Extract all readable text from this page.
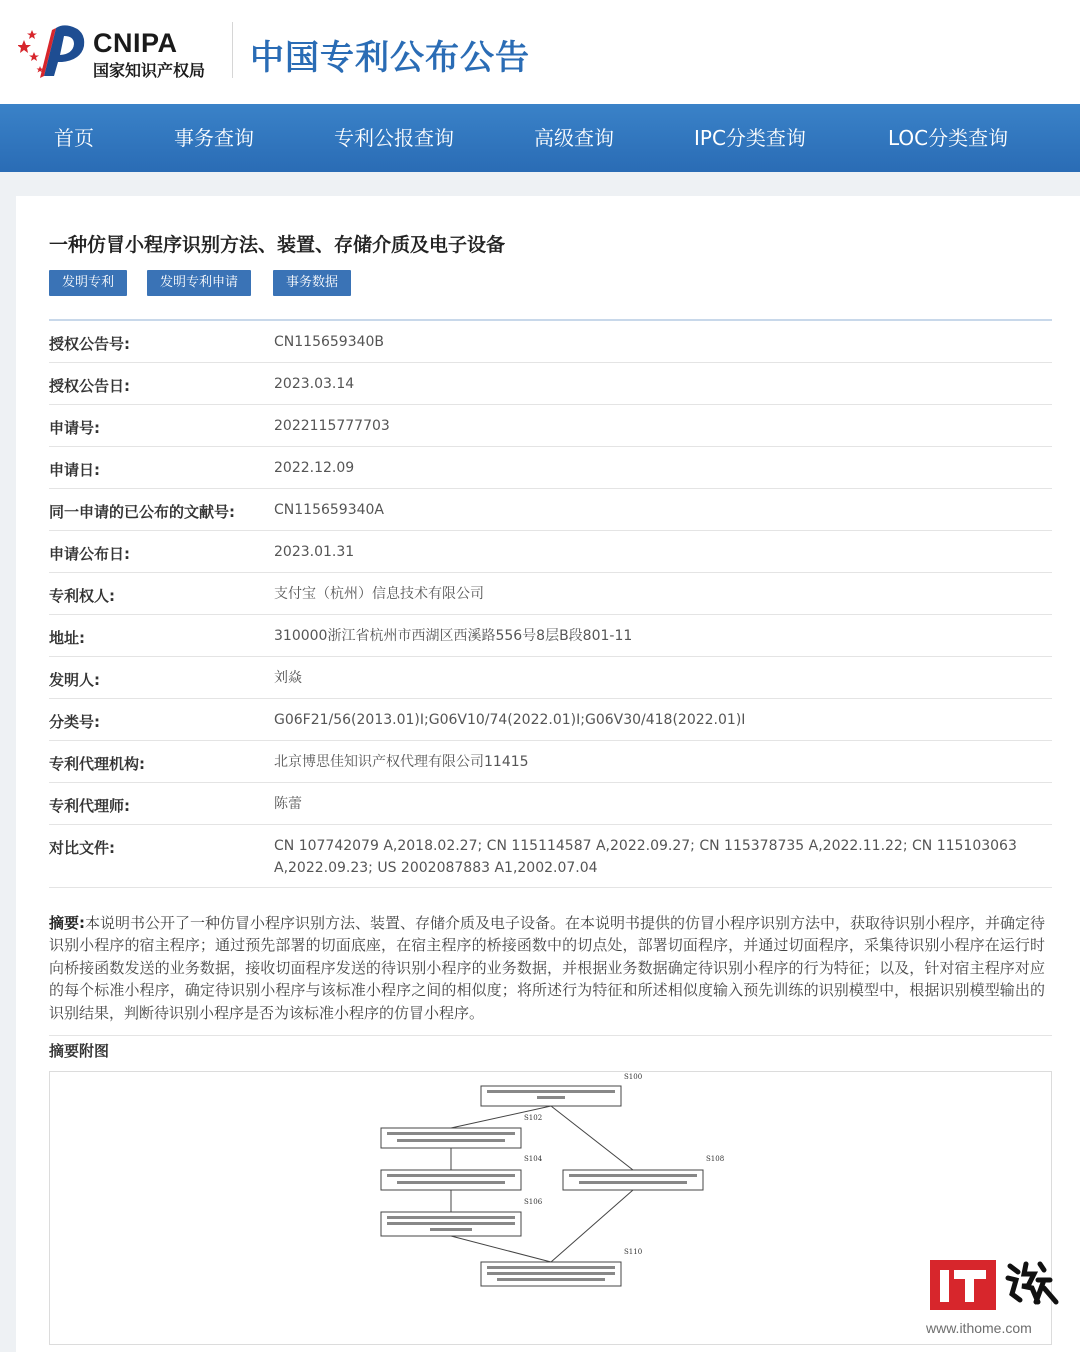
CNIPA
国家知识产权局 中国专利公布公告
首页	事务查询	专利公报查询	高级查询	IPC分类查询	LOC分类查询
一种仿冒小程序识别方法、装置、存储介质及电子设备
发明专利	发明专利申请	事务数据
授权公告号:	CN115659340B
授权公告日:	2023.03.14
申请号:	2022115777703
申请日:	2022.12.09
同一申请的已公布的文献号:	CN115659340A
申请公布日:	2023.01.31
专利权人:	支付宝（杭州）信息技术有限公司
地址:	310000浙江省杭州市西湖区西溪路556号8层B段801-11
发明人:	刘焱
分类号:	G06F21/56(2013.01)I;G06V10/74(2022.01)I;G06V30/418(2022.01)I
专利代理机构:	北京博思佳知识产权代理有限公司11415
专利代理师:	陈蕾
对比文件:	CN 107742079 A,2018.02.27; CN 115114587 A,2022.09.27; CN 115378735 A,2022.11.22; CN 115103063 A,2022.09.23; US 2002087883 A1,2002.07.04
摘要:本说明书公开了一种仿冒小程序识别方法、装置、存储介质及电子设备。在本说明书提供的仿冒小程序识别方法中，获取待识别小程序，并确定待识别小程序的宿主程序；通过预先部署的切面底座，在宿主程序的桥接函数中的切点处，部署切面程序，并通过切面程序，采集待识别小程序在运行时向桥接函数发送的业务数据，接收切面程序发送的待识别小程序的业务数据，并根据业务数据确定待识别小程序的行为特征；以及，针对宿主程序对应的每个标准小程序，确定待识别小程序与该标准小程序之间的相似度；将所述行为特征和所述相似度输入预先训练的识别模型中，根据识别模型输出的识别结果，判断待识别小程序是否为该标准小程序的仿冒小程序。
摘要附图
S100
S102
S104
S106
S108
S110
www.ithome.com
